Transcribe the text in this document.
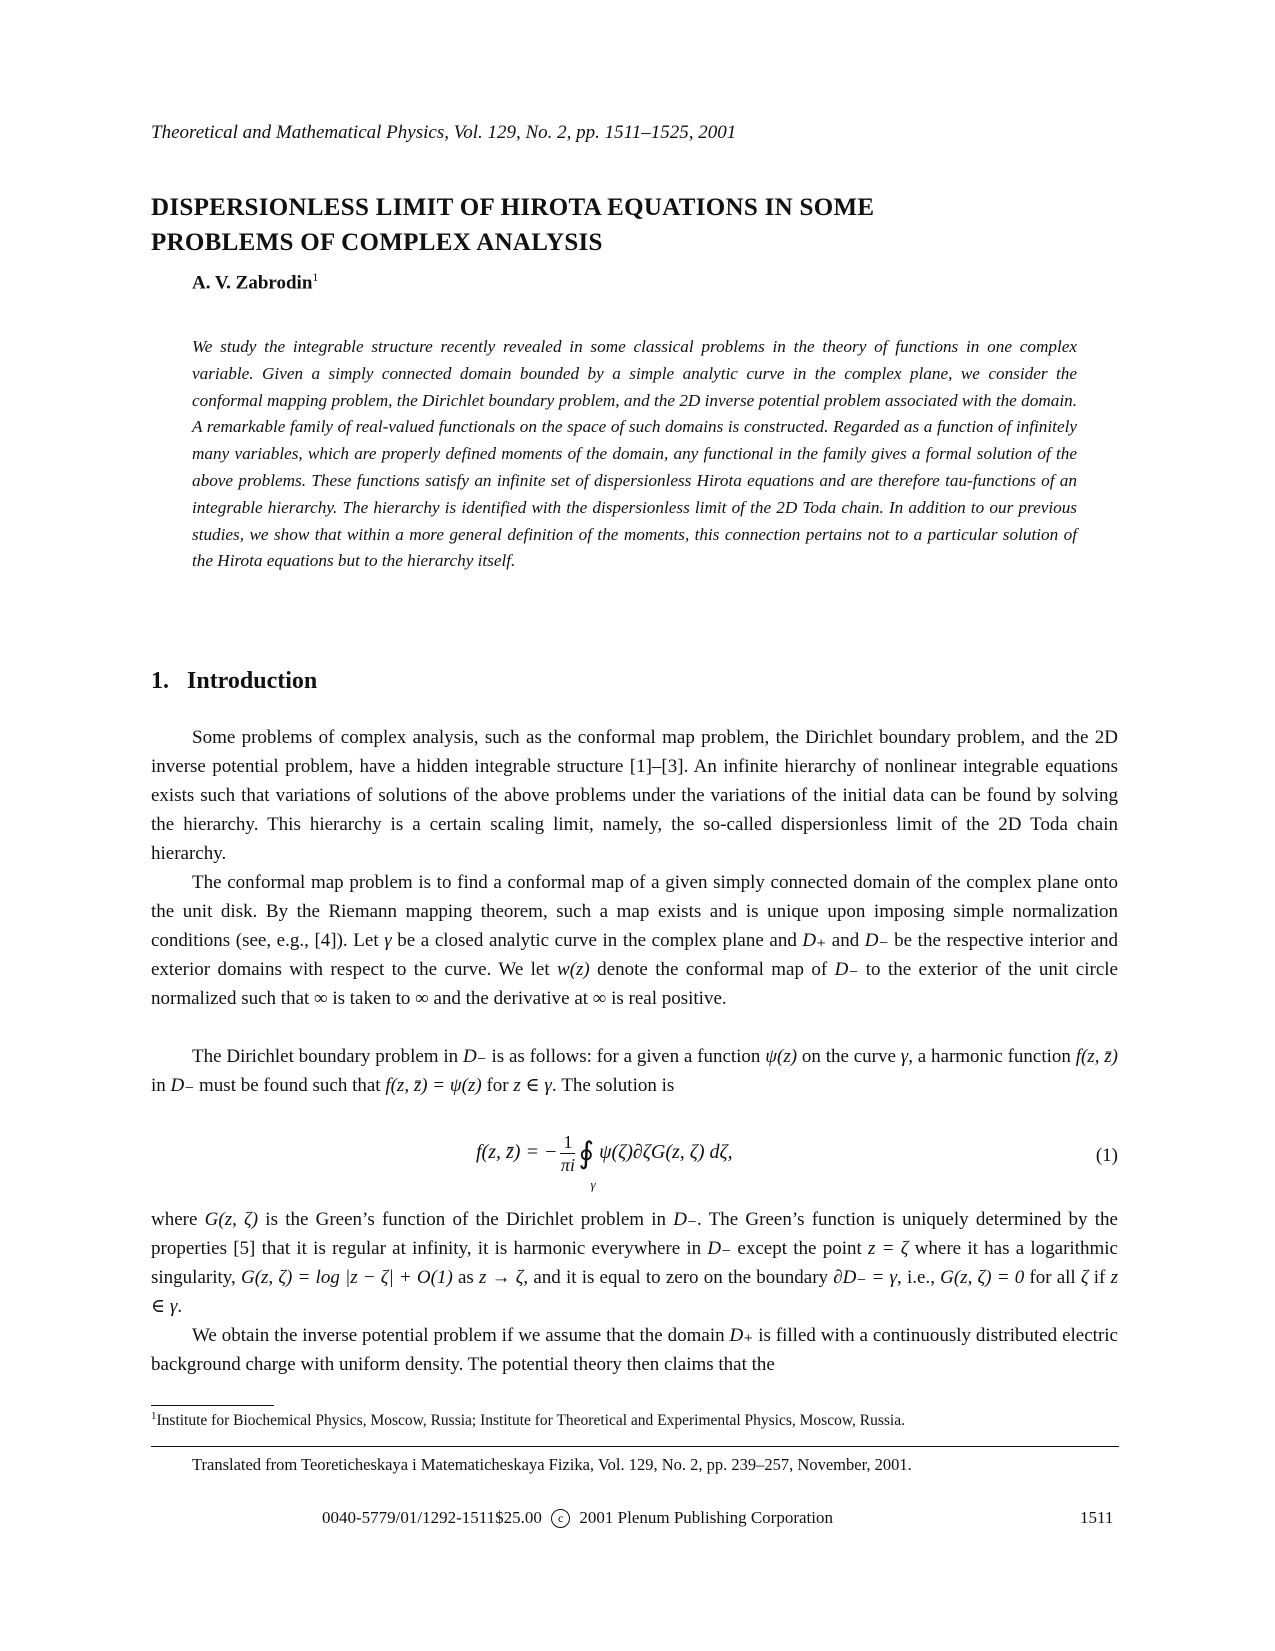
Theoretical and Mathematical Physics, Vol. 129, No. 2, pp. 1511–1525, 2001
DISPERSIONLESS LIMIT OF HIROTA EQUATIONS IN SOME
PROBLEMS OF COMPLEX ANALYSIS
A. V. Zabrodin$^1$
We study the integrable structure recently revealed in some classical problems in the theory of functions in one complex variable. Given a simply connected domain bounded by a simple analytic curve in the complex plane, we consider the conformal mapping problem, the Dirichlet boundary problem, and the 2D inverse potential problem associated with the domain. A remarkable family of real-valued functionals on the space of such domains is constructed. Regarded as a function of infinitely many variables, which are properly defined moments of the domain, any functional in the family gives a formal solution of the above problems. These functions satisfy an infinite set of dispersionless Hirota equations and are therefore tau-functions of an integrable hierarchy. The hierarchy is identified with the dispersionless limit of the 2D Toda chain. In addition to our previous studies, we show that within a more general definition of the moments, this connection pertains not to a particular solution of the Hirota equations but to the hierarchy itself.
1. Introduction
Some problems of complex analysis, such as the conformal map problem, the Dirichlet boundary problem, and the 2D inverse potential problem, have a hidden integrable structure [1]–[3]. An infinite hierarchy of nonlinear integrable equations exists such that variations of solutions of the above problems under the variations of the initial data can be found by solving the hierarchy. This hierarchy is a certain scaling limit, namely, the so-called dispersionless limit of the 2D Toda chain hierarchy.
The conformal map problem is to find a conformal map of a given simply connected domain of the complex plane onto the unit disk. By the Riemann mapping theorem, such a map exists and is unique upon imposing simple normalization conditions (see, e.g., [4]). Let γ be a closed analytic curve in the complex plane and D₊ and D₋ be the respective interior and exterior domains with respect to the curve. We let w(z) denote the conformal map of D₋ to the exterior of the unit circle normalized such that ∞ is taken to ∞ and the derivative at ∞ is real positive.
The Dirichlet boundary problem in D₋ is as follows: for a given a function ψ(z) on the curve γ, a harmonic function f(z, z̄) in D₋ must be found such that f(z, z̄) = ψ(z) for z ∈ γ. The solution is
f(z, z̄) = − $\frac{1}{\pi i}$ ∮
γ
ψ(ζ)∂ζG(z, ζ) dζ,	(1)
where G(z, ζ) is the Green’s function of the Dirichlet problem in D₋. The Green’s function is uniquely determined by the properties [5] that it is regular at infinity, it is harmonic everywhere in D₋ except the point z = ζ where it has a logarithmic singularity, G(z, ζ) = log |z − ζ| + O(1) as z → ζ, and it is equal to zero on the boundary ∂D₋ = γ, i.e., G(z, ζ) = 0 for all ζ if z ∈ γ.
We obtain the inverse potential problem if we assume that the domain D₊ is filled with a continuously distributed electric background charge with uniform density. The potential theory then claims that the
$^1$Institute for Biochemical Physics, Moscow, Russia; Institute for Theoretical and Experimental Physics, Moscow, Russia.
Translated from Teoreticheskaya i Matematicheskaya Fizika, Vol. 129, No. 2, pp. 239–257, November, 2001.
0040-5779/01/1292-1511$25.00 c 2001 Plenum Publishing Corporation	1511
